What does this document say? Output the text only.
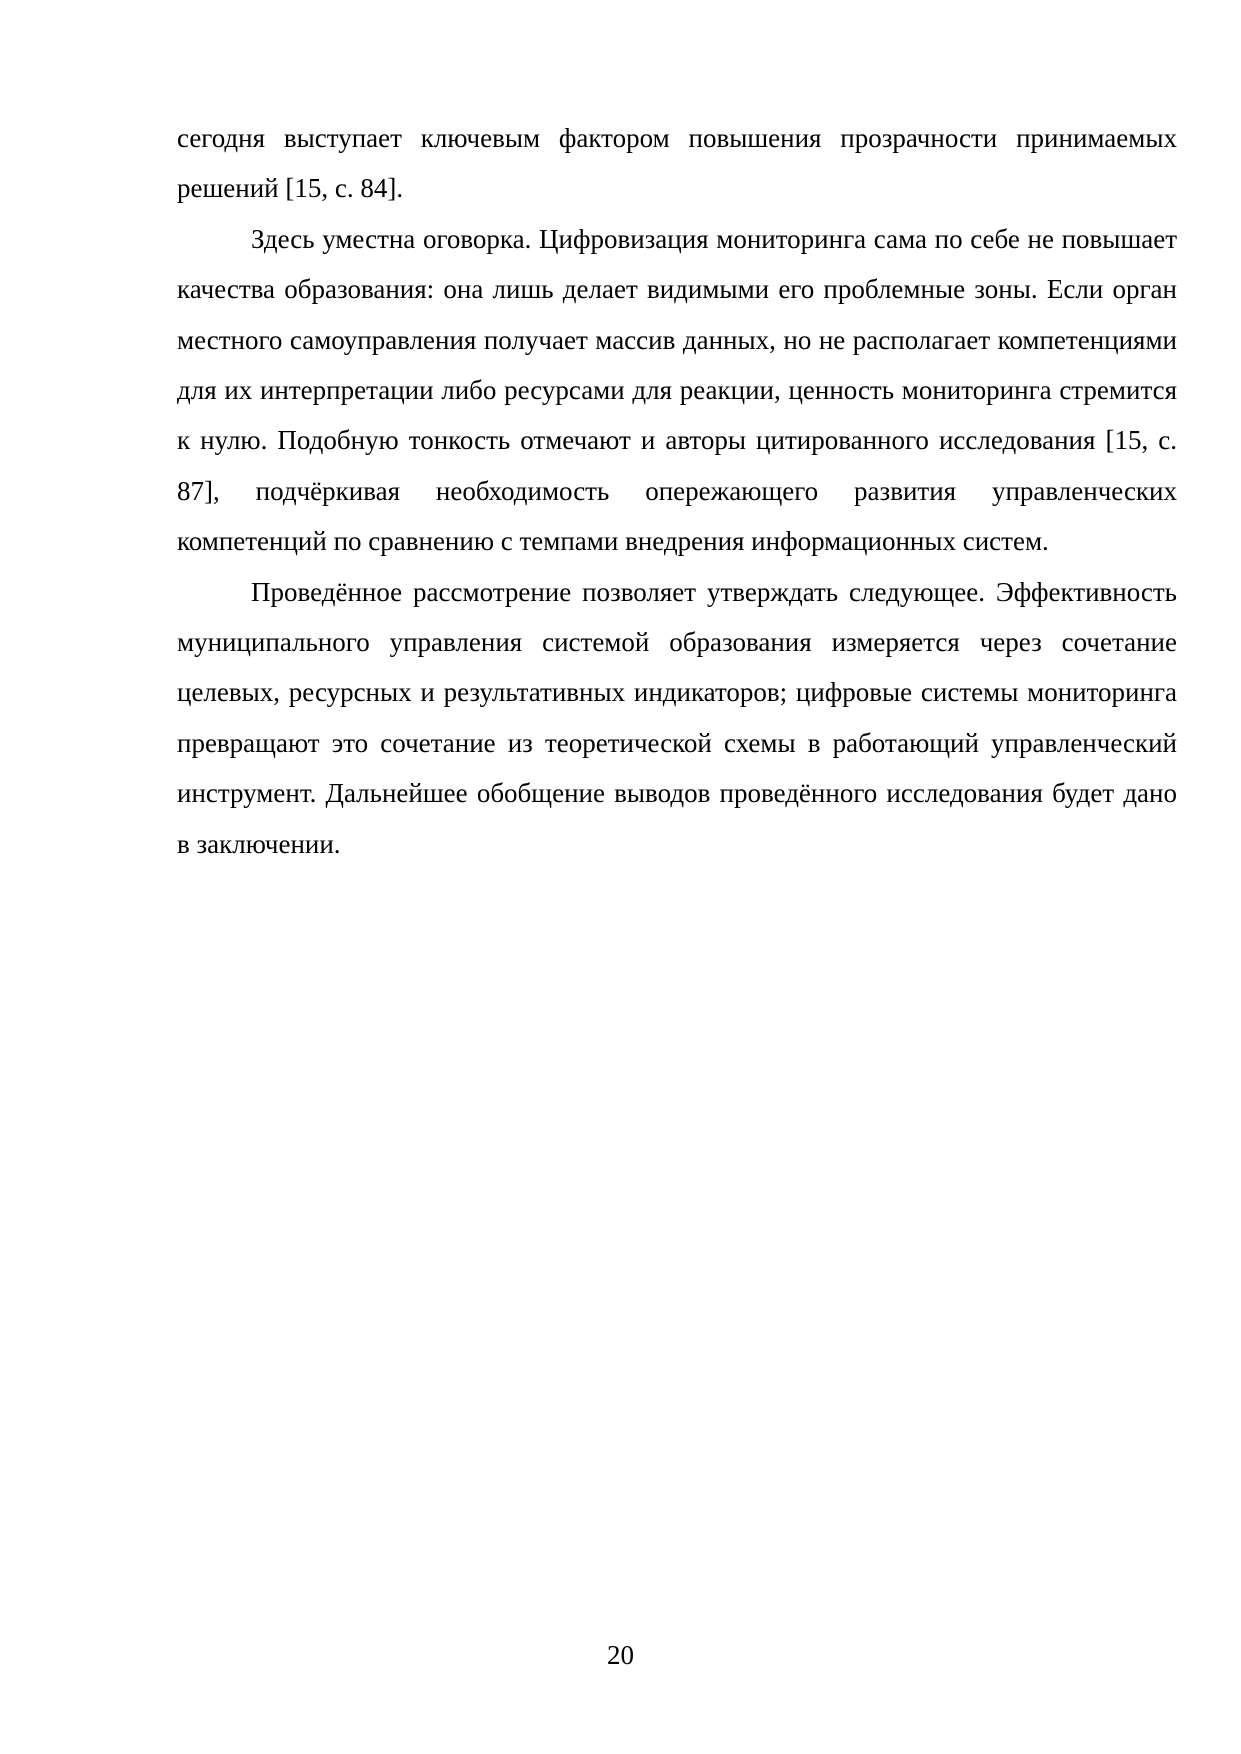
сегодня выступает ключевым фактором повышения прозрачности принимаемых решений [15, с. 84].

Здесь уместна оговорка. Цифровизация мониторинга сама по себе не повышает качества образования: она лишь делает видимыми его проблемные зоны. Если орган местного самоуправления получает массив данных, но не располагает компетенциями для их интерпретации либо ресурсами для реакции, ценность мониторинга стремится к нулю. Подобную тонкость отмечают и авторы цитированного исследования [15, с. 87], подчёркивая необходимость опережающего развития управленческих компетенций по сравнению с темпами внедрения информационных систем.

Проведённое рассмотрение позволяет утверждать следующее. Эффективность муниципального управления системой образования измеряется через сочетание целевых, ресурсных и результативных индикаторов; цифровые системы мониторинга превращают это сочетание из теоретической схемы в работающий управленческий инструмент. Дальнейшее обобщение выводов проведённого исследования будет дано в заключении.

20
